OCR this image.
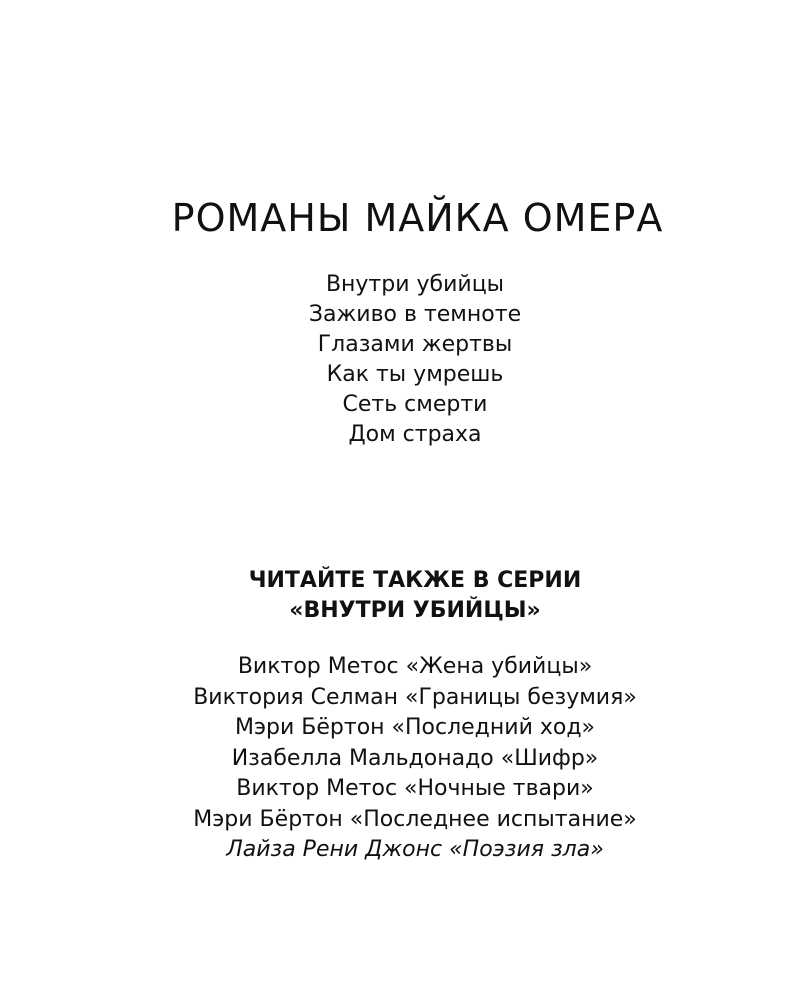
РОМАНЫ МАЙКА ОМЕРА
Внутри убийцы
Заживо в темноте
Глазами жертвы
Как ты умрешь
Сеть смерти
Дом страха
ЧИТАЙТЕ ТАКЖЕ В СЕРИИ
«ВНУТРИ УБИЙЦЫ»
Виктор Метос «Жена убийцы»
Виктория Селман «Границы безумия»
Мэри Бёртон «Последний ход»
Изабелла Мальдонадо «Шифр»
Виктор Метос «Ночные твари»
Мэри Бёртон «Последнее испытание»
Лайза Рени Джонс «Поэзия зла»
